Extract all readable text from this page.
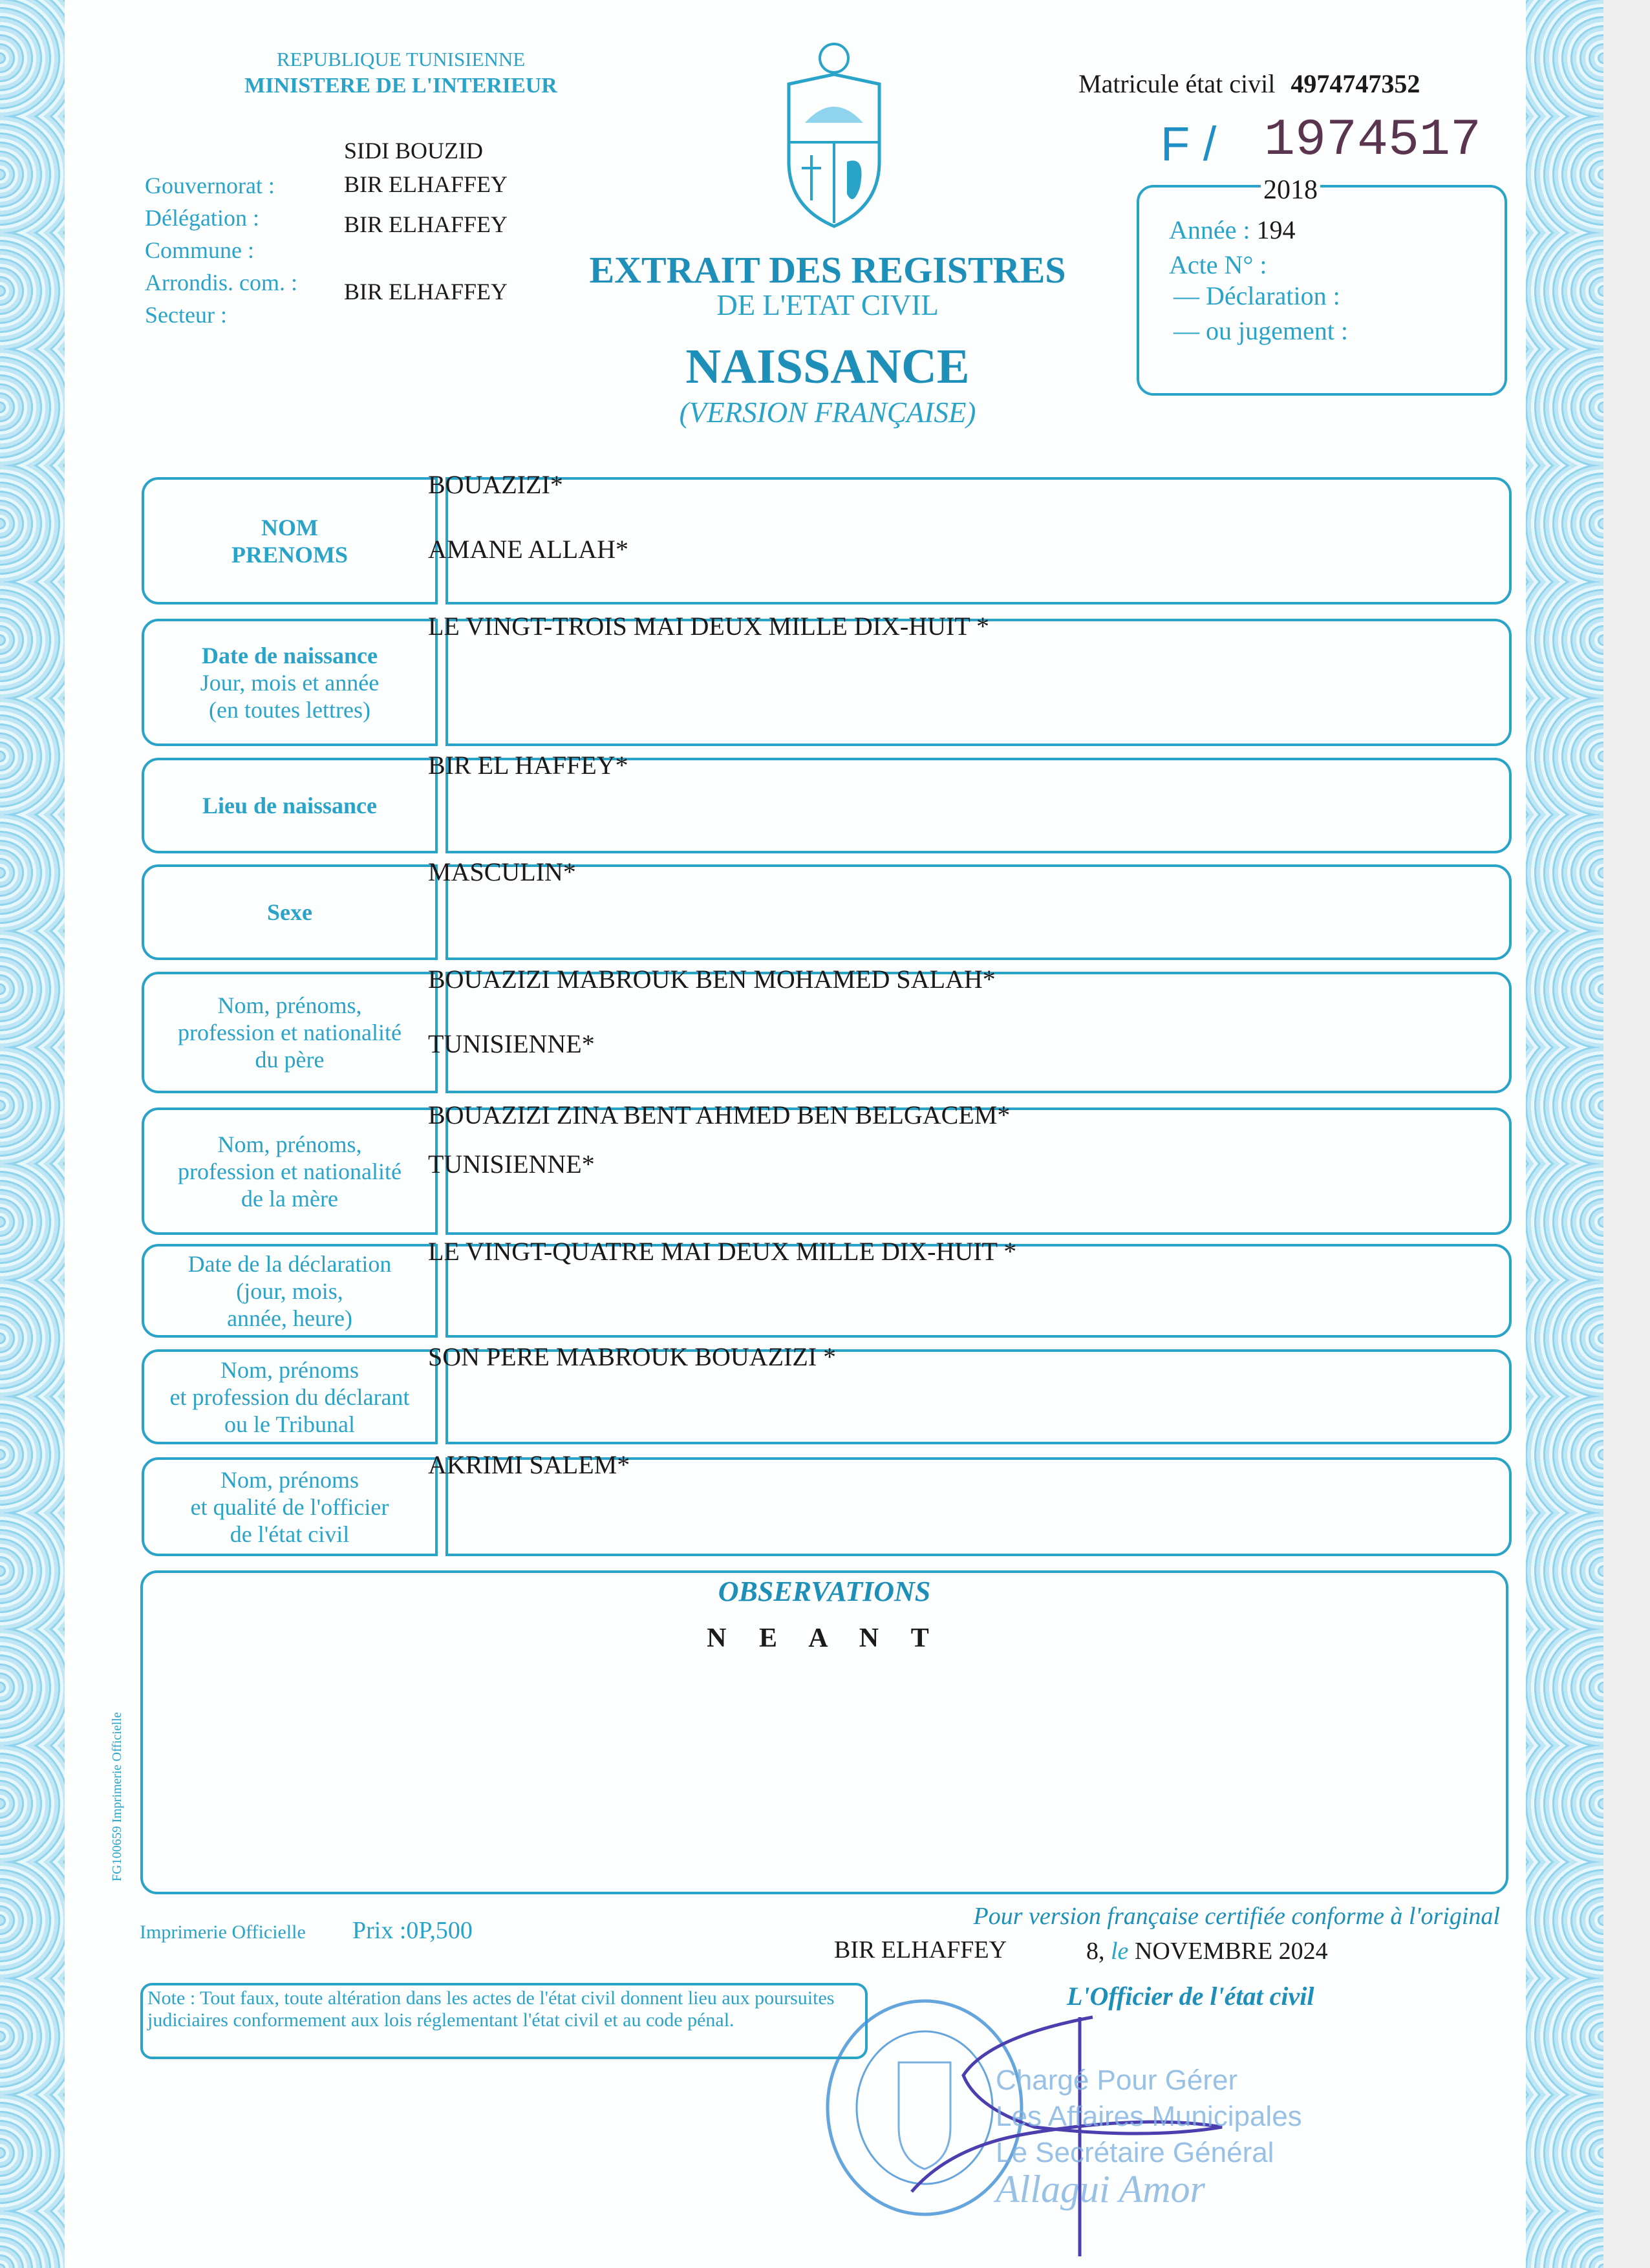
REPUBLIQUE TUNISIENNE
MINISTERE DE L'INTERIEUR
SIDI BOUZID
Gouvernorat :
Délégation :
Commune :
Arrondis. com. :
Secteur :
BIR ELHAFFEY
BIR ELHAFFEY
BIR ELHAFFEY
EXTRAIT DES REGISTRES
DE L'ETAT CIVIL
NAISSANCE
(VERSION FRANÇAISE)
Matricule état civil 4974747352
F / 1974517
2018
Année : 194
Acte N° :
— Déclaration :
— ou jugement :
NOM
PRENOMS
BOUAZIZI*
AMANE ALLAH*
Date de naissance
Jour, mois et année
(en toutes lettres)
LE VINGT-TROIS MAI DEUX MILLE DIX-HUIT *
Lieu de naissance
BIR EL HAFFEY*
Sexe
MASCULIN*
Nom, prénoms,
profession et nationalité
du père
BOUAZIZI MABROUK BEN MOHAMED SALAH*
TUNISIENNE*
Nom, prénoms,
profession et nationalité
de la mère
BOUAZIZI ZINA BENT AHMED BEN BELGACEM*
TUNISIENNE*
Date de la déclaration
(jour, mois,
année, heure)
LE VINGT-QUATRE MAI DEUX MILLE DIX-HUIT *
Nom, prénoms
et profession du déclarant
ou le Tribunal
SON PERE MABROUK BOUAZIZI *
Nom, prénoms
et qualité de l'officier
de l'état civil
AKRIMI SALEM*
OBSERVATIONS
N E A N T
FG100659 Imprimerie Officielle
Imprimerie Officielle Prix :0P,500
Pour version française certifiée conforme à l'original
BIR ELHAFFEY	8, le NOVEMBRE 2024
L'Officier de l'état civil
Note : Tout faux, toute altération dans les actes de l'état civil donnent lieu aux poursuites judiciaires conformement aux lois réglementant l'état civil et au code pénal.
Chargé Pour Gérer
Les Affaires Municipales
Le Secrétaire Général
Allagui Amor
